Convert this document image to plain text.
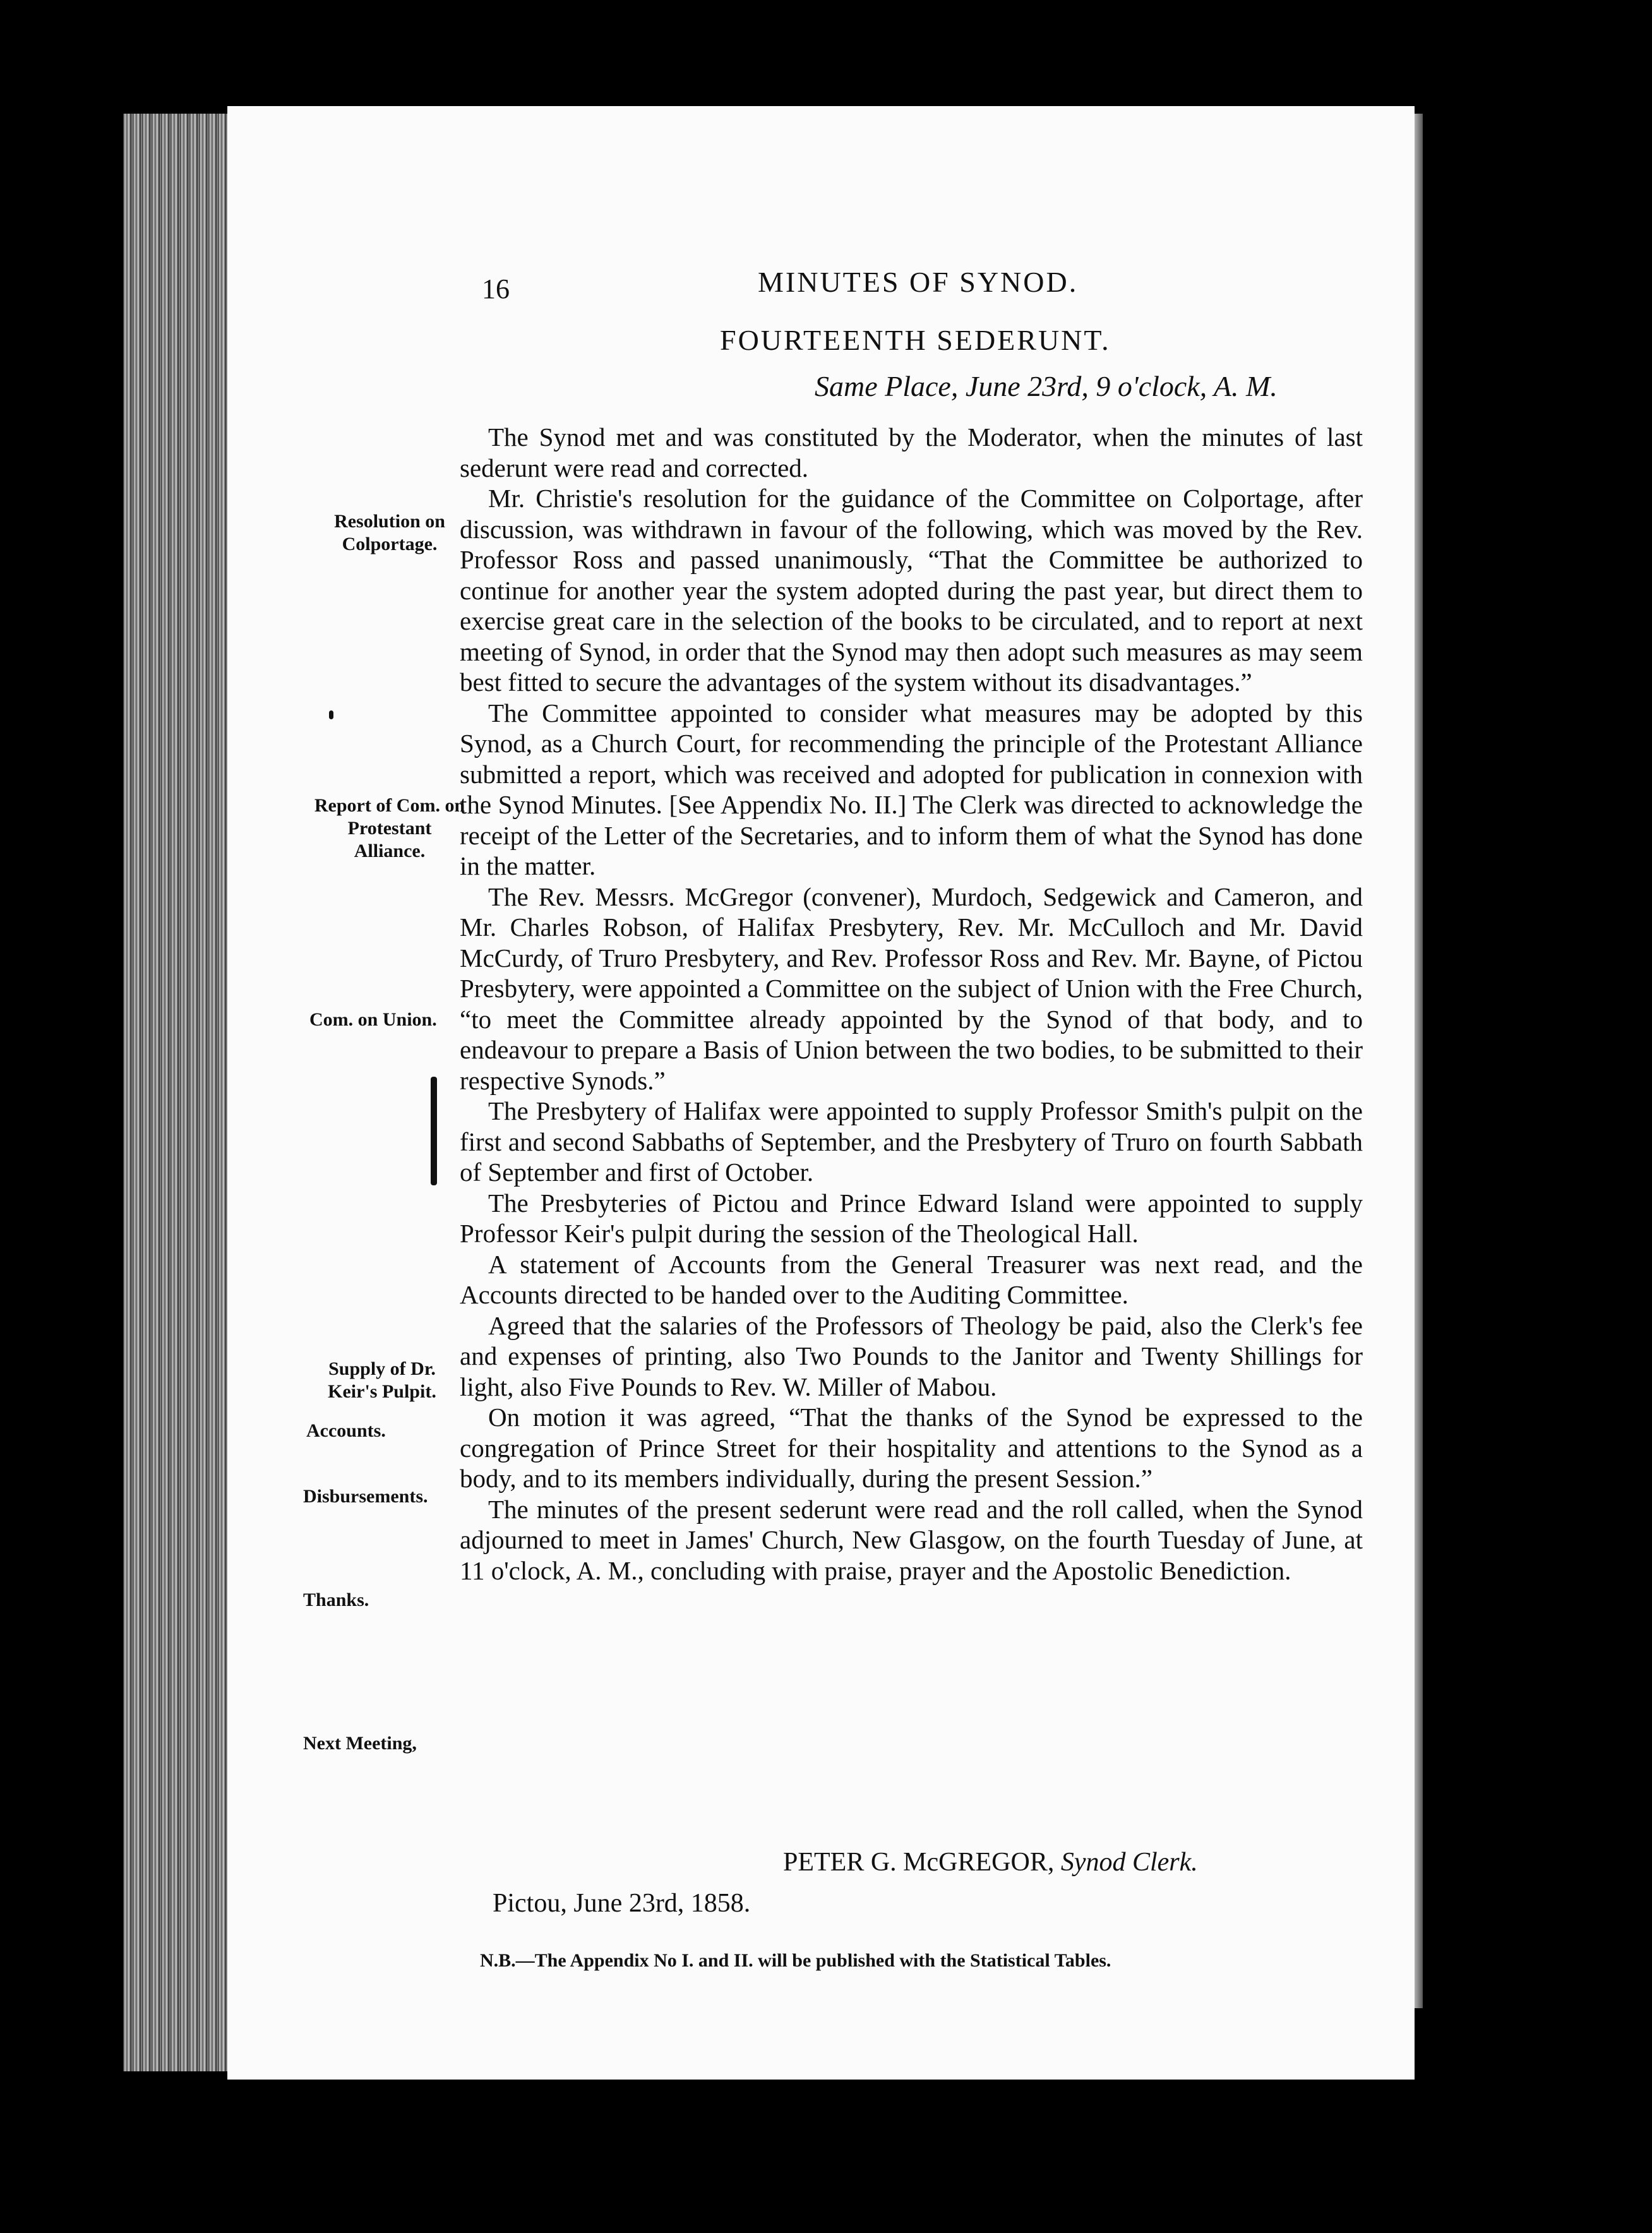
16	MINUTES OF SYNOD.
FOURTEENTH SEDERUNT.
Same Place, June 23rd, 9 o'clock, A. M.
Resolution on Colportage.
Report of Com. on Protestant Alliance.
Com. on Union.
Supply of Dr. Keir's Pulpit.
Accounts.
Disbursements.
Thanks.
Next Meeting,

The Synod met and was constituted by the Moderator, when the minutes of last sederunt were read and corrected.

Mr. Christie's resolution for the guidance of the Committee on Colportage, after discussion, was withdrawn in favour of the following, which was moved by the Rev. Professor Ross and passed unanimously, “That the Committee be authorized to continue for another year the system adopted during the past year, but direct them to exercise great care in the selection of the books to be circulated, and to report at next meeting of Synod, in order that the Synod may then adopt such measures as may seem best fitted to secure the advantages of the system without its disadvantages.”

The Committee appointed to consider what measures may be adopted by this Synod, as a Church Court, for recommending the principle of the Protestant Alliance submitted a report, which was received and adopted for publication in connexion with the Synod Minutes. [See Appendix No. II.] The Clerk was directed to acknowledge the receipt of the Letter of the Secretaries, and to inform them of what the Synod has done in the matter.

The Rev. Messrs. McGregor (convener), Murdoch, Sedgewick and Cameron, and Mr. Charles Robson, of Halifax Presbytery, Rev. Mr. McCulloch and Mr. David McCurdy, of Truro Presbytery, and Rev. Professor Ross and Rev. Mr. Bayne, of Pictou Presbytery, were appointed a Committee on the subject of Union with the Free Church, “to meet the Committee already appointed by the Synod of that body, and to endeavour to prepare a Basis of Union between the two bodies, to be submitted to their respective Synods.”

The Presbytery of Halifax were appointed to supply Professor Smith's pulpit on the first and second Sabbaths of September, and the Presbytery of Truro on fourth Sabbath of September and first of October.

The Presbyteries of Pictou and Prince Edward Island were appointed to supply Professor Keir's pulpit during the session of the Theological Hall.

A statement of Accounts from the General Treasurer was next read, and the Accounts directed to be handed over to the Auditing Committee.

Agreed that the salaries of the Professors of Theology be paid, also the Clerk's fee and expenses of printing, also Two Pounds to the Janitor and Twenty Shillings for light, also Five Pounds to Rev. W. Miller of Mabou.

On motion it was agreed, “That the thanks of the Synod be expressed to the congregation of Prince Street for their hospitality and attentions to the Synod as a body, and to its members individually, during the present Session.”

The minutes of the present sederunt were read and the roll called, when the Synod adjourned to meet in James' Church, New Glasgow, on the fourth Tuesday of June, at 11 o'clock, A. M., concluding with praise, prayer and the Apostolic Benediction.

PETER G. McGREGOR, Synod Clerk.
Pictou, June 23rd, 1858.
N.B.—The Appendix No I. and II. will be published with the Statistical Tables.
